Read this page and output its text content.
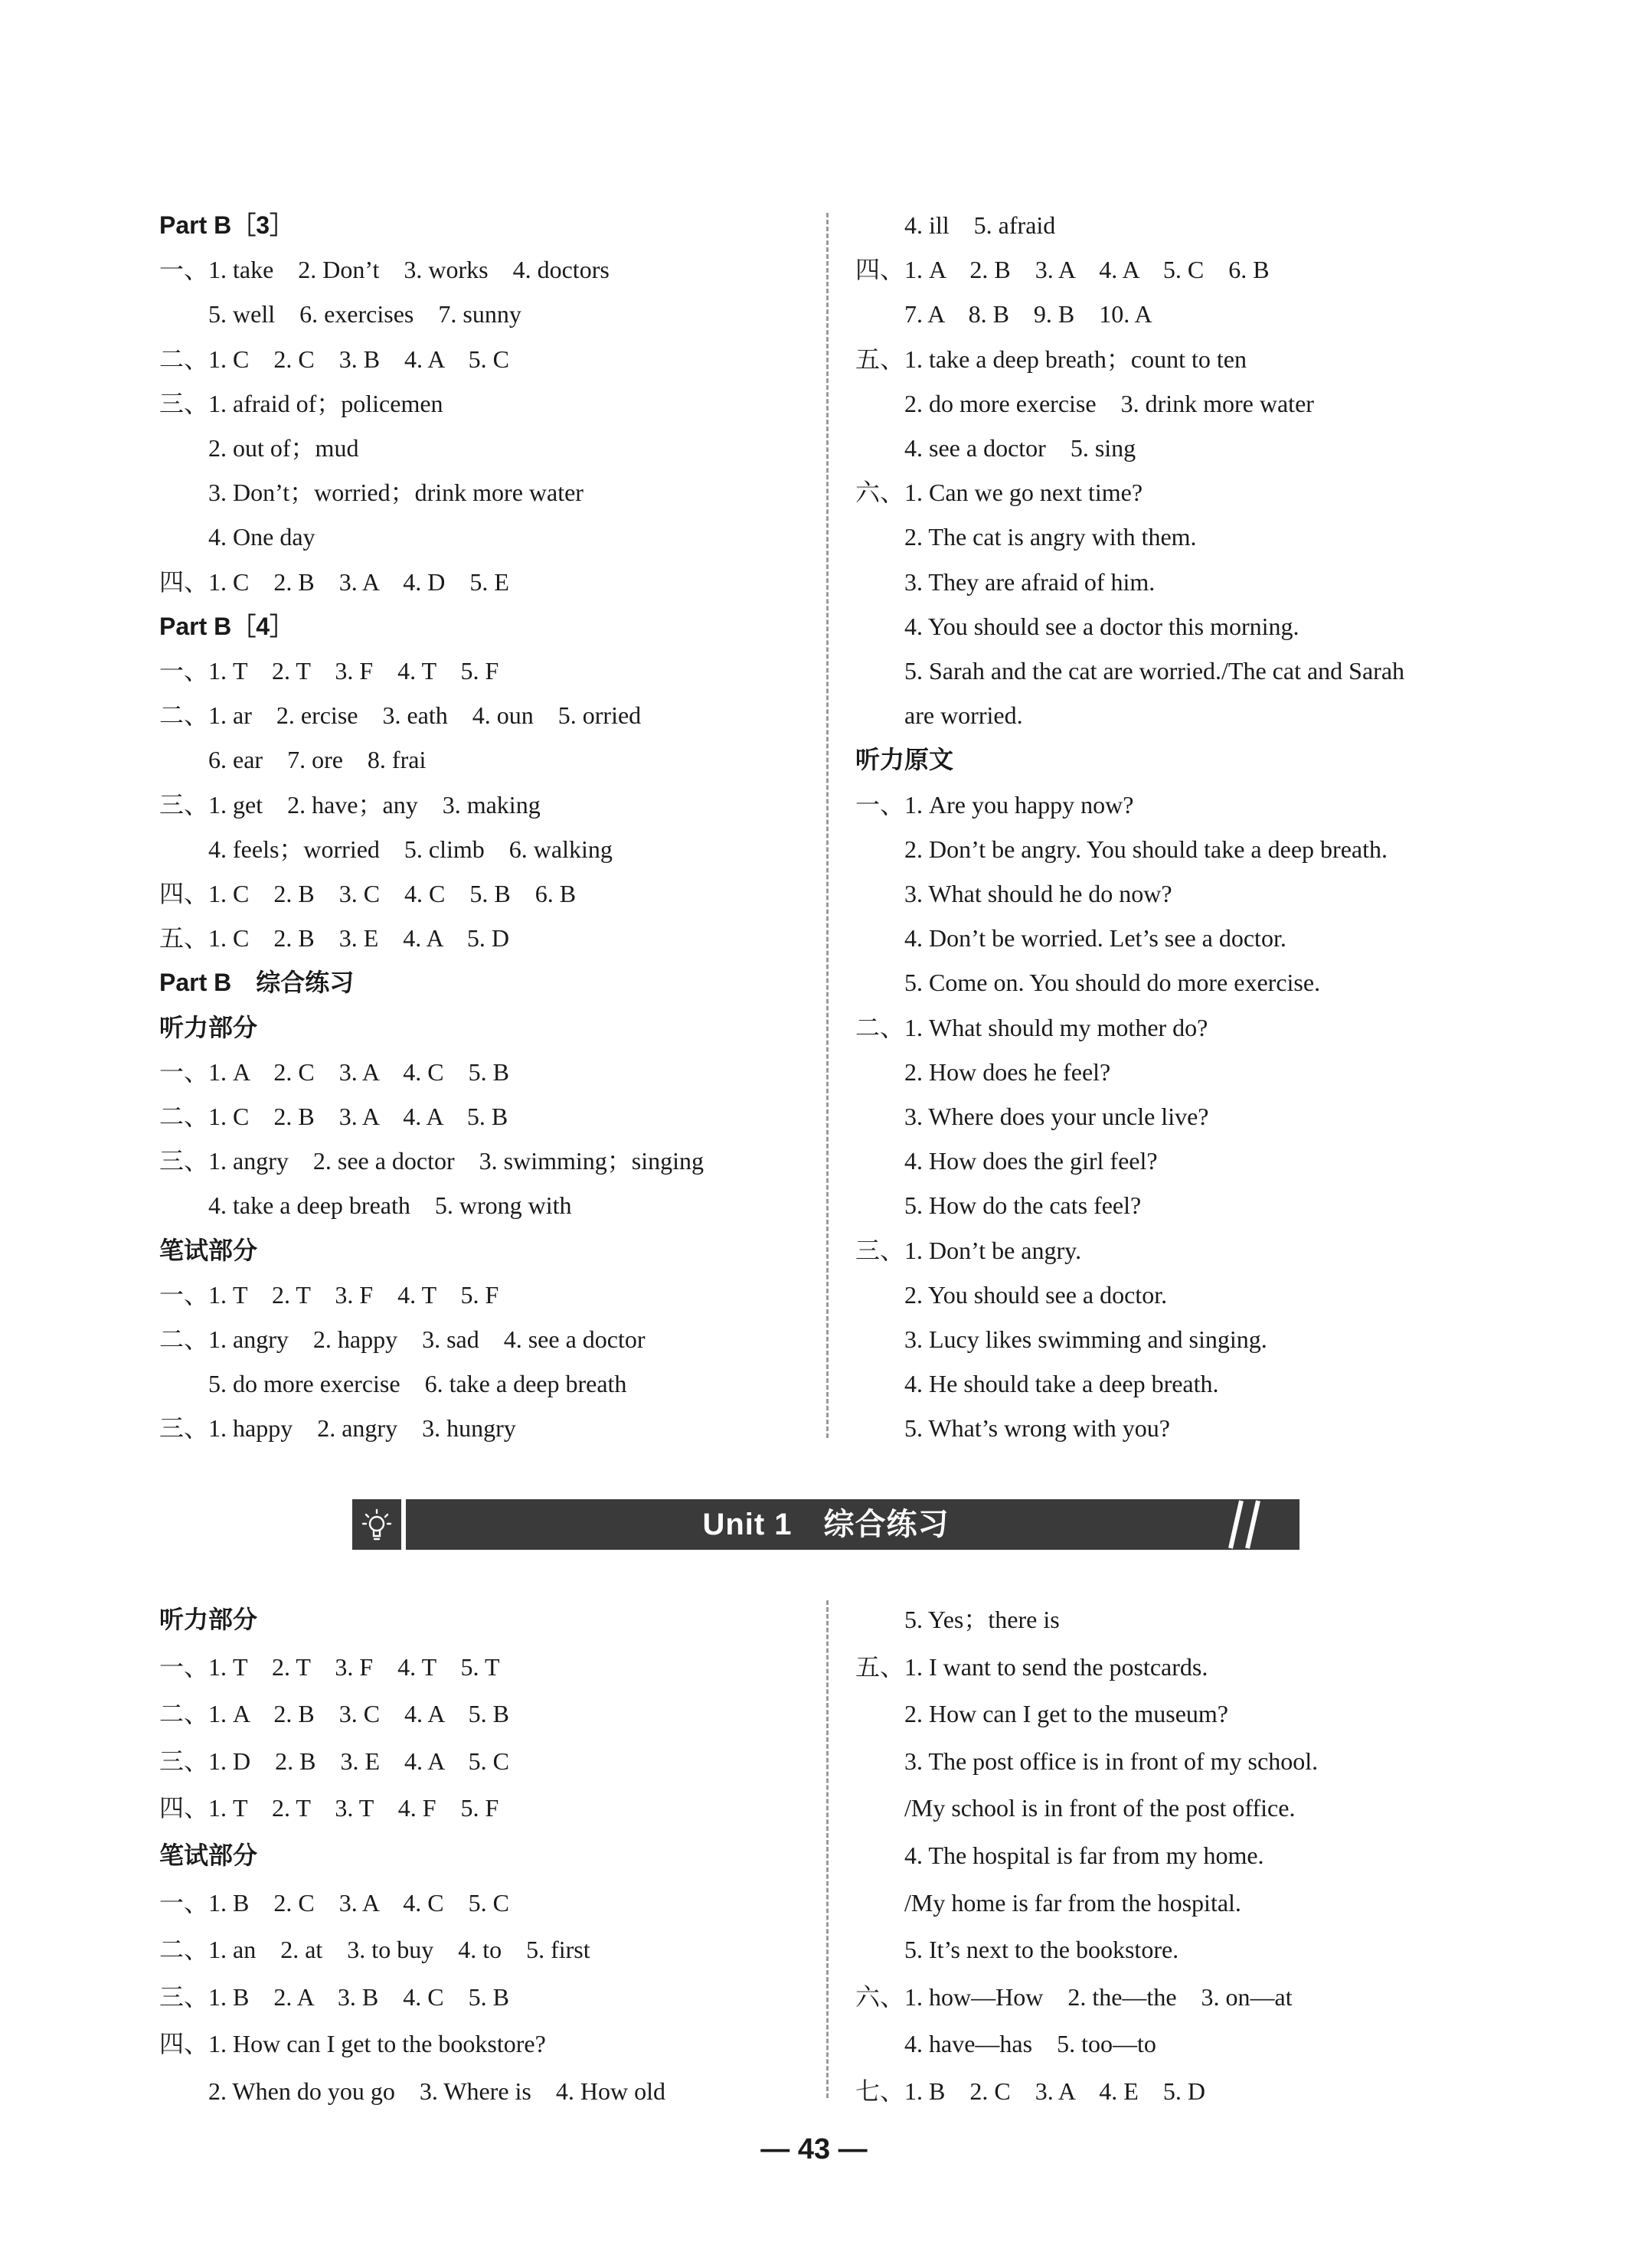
Part B［3］
一、1. take　2. Don’t　3. works　4. doctors
　　5. well　6. exercises　7. sunny
二、1. C　2. C　3. B　4. A　5. C
三、1. afraid of；policemen
　　2. out of；mud
　　3. Don’t；worried；drink more water
　　4. One day
四、1. C　2. B　3. A　4. D　5. E
Part B［4］
一、1. T　2. T　3. F　4. T　5. F
二、1. ar　2. ercise　3. eath　4. oun　5. orried
　　6. ear　7. ore　8. frai
三、1. get　2. have；any　3. making
　　4. feels；worried　5. climb　6. walking
四、1. C　2. B　3. C　4. C　5. B　6. B
五、1. C　2. B　3. E　4. A　5. D
Part B　综合练习
听力部分
一、1. A　2. C　3. A　4. C　5. B
二、1. C　2. B　3. A　4. A　5. B
三、1. angry　2. see a doctor　3. swimming；singing
　　4. take a deep breath　5. wrong with
笔试部分
一、1. T　2. T　3. F　4. T　5. F
二、1. angry　2. happy　3. sad　4. see a doctor
　　5. do more exercise　6. take a deep breath
三、1. happy　2. angry　3. hungry
　　4. ill　5. afraid
四、1. A　2. B　3. A　4. A　5. C　6. B
　　7. A　8. B　9. B　10. A
五、1. take a deep breath；count to ten
　　2. do more exercise　3. drink more water
　　4. see a doctor　5. sing
六、1. Can we go next time?
　　2. The cat is angry with them.
　　3. They are afraid of him.
　　4. You should see a doctor this morning.
　　5. Sarah and the cat are worried./The cat and Sarah
　　are worried.
听力原文
一、1. Are you happy now?
　　2. Don’t be angry. You should take a deep breath.
　　3. What should he do now?
　　4. Don’t be worried. Let’s see a doctor.
　　5. Come on. You should do more exercise.
二、1. What should my mother do?
　　2. How does he feel?
　　3. Where does your uncle live?
　　4. How does the girl feel?
　　5. How do the cats feel?
三、1. Don’t be angry.
　　2. You should see a doctor.
　　3. Lucy likes swimming and singing.
　　4. He should take a deep breath.
　　5. What’s wrong with you?
Unit 1　综合练习
听力部分
一、1. T　2. T　3. F　4. T　5. T
二、1. A　2. B　3. C　4. A　5. B
三、1. D　2. B　3. E　4. A　5. C
四、1. T　2. T　3. T　4. F　5. F
笔试部分
一、1. B　2. C　3. A　4. C　5. C
二、1. an　2. at　3. to buy　4. to　5. first
三、1. B　2. A　3. B　4. C　5. B
四、1. How can I get to the bookstore?
　　2. When do you go　3. Where is　4. How old
　　5. Yes；there is
五、1. I want to send the postcards.
　　2. How can I get to the museum?
　　3. The post office is in front of my school.
　　/My school is in front of the post office.
　　4. The hospital is far from my home.
　　/My home is far from the hospital.
　　5. It’s next to the bookstore.
六、1. how—How　2. the—the　3. on—at
　　4. have—has　5. too—to
七、1. B　2. C　3. A　4. E　5. D
— 43 —
